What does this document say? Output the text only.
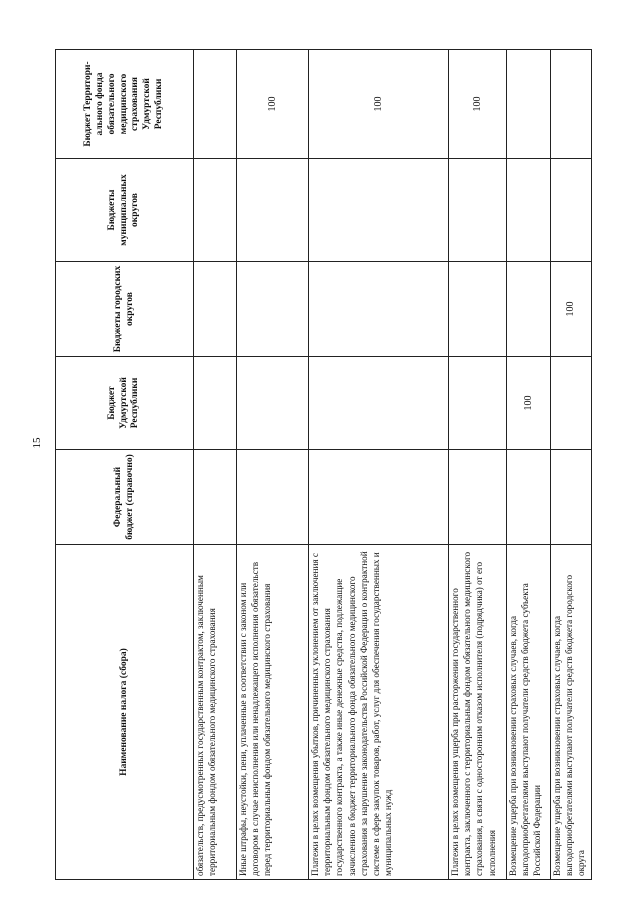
15
Наименование налога (сбора)	Федеральный бюджет (справочно)	Бюджет Удмуртской Республики	Бюджеты городских округов	Бюджеты муниципальных округов	Бюджет Территори-ального фонда обязательного медицинского страхования Удмуртской Республики
обязательств, предусмотренных государственным контрактом, заключенным территориальным фондом обязательного медицинского страхования					
Иные штрафы, неустойки, пени, уплаченные в соответствии с законом или договором в случае неисполнения или ненадлежащего исполнения обязательств перед территориальным фондом обязательного медицинского страхования					100
Платежи в целях возмещения убытков, причиненных уклонением от заключения с территориальным фондом обязательного медицинского страхования государственного контракта, а также иные денежные средства, подлежащие зачислению в бюджет территориального фонда обязательного медицинского страхования за нарушение законодательства Российской Федерации о контрактной системе в сфере закупок товаров, работ, услуг для обеспечения государственных и муниципальных нужд					100
Платежи в целях возмещения ущерба при расторжении государственного контракта, заключенного с территориальным фондом обязательного медицинского страхования, в связи с односторонним отказом исполнителя (подрядчика) от его исполнения					100
Возмещение ущерба при возникновении страховых случаев, когда выгодоприобретателями выступают получатели средств бюджета субъекта Российской Федерации		100			
Возмещение ущерба при возникновении страховых случаев, когда выгодоприобретателями выступают получатели средств бюджета городского округа			100		
